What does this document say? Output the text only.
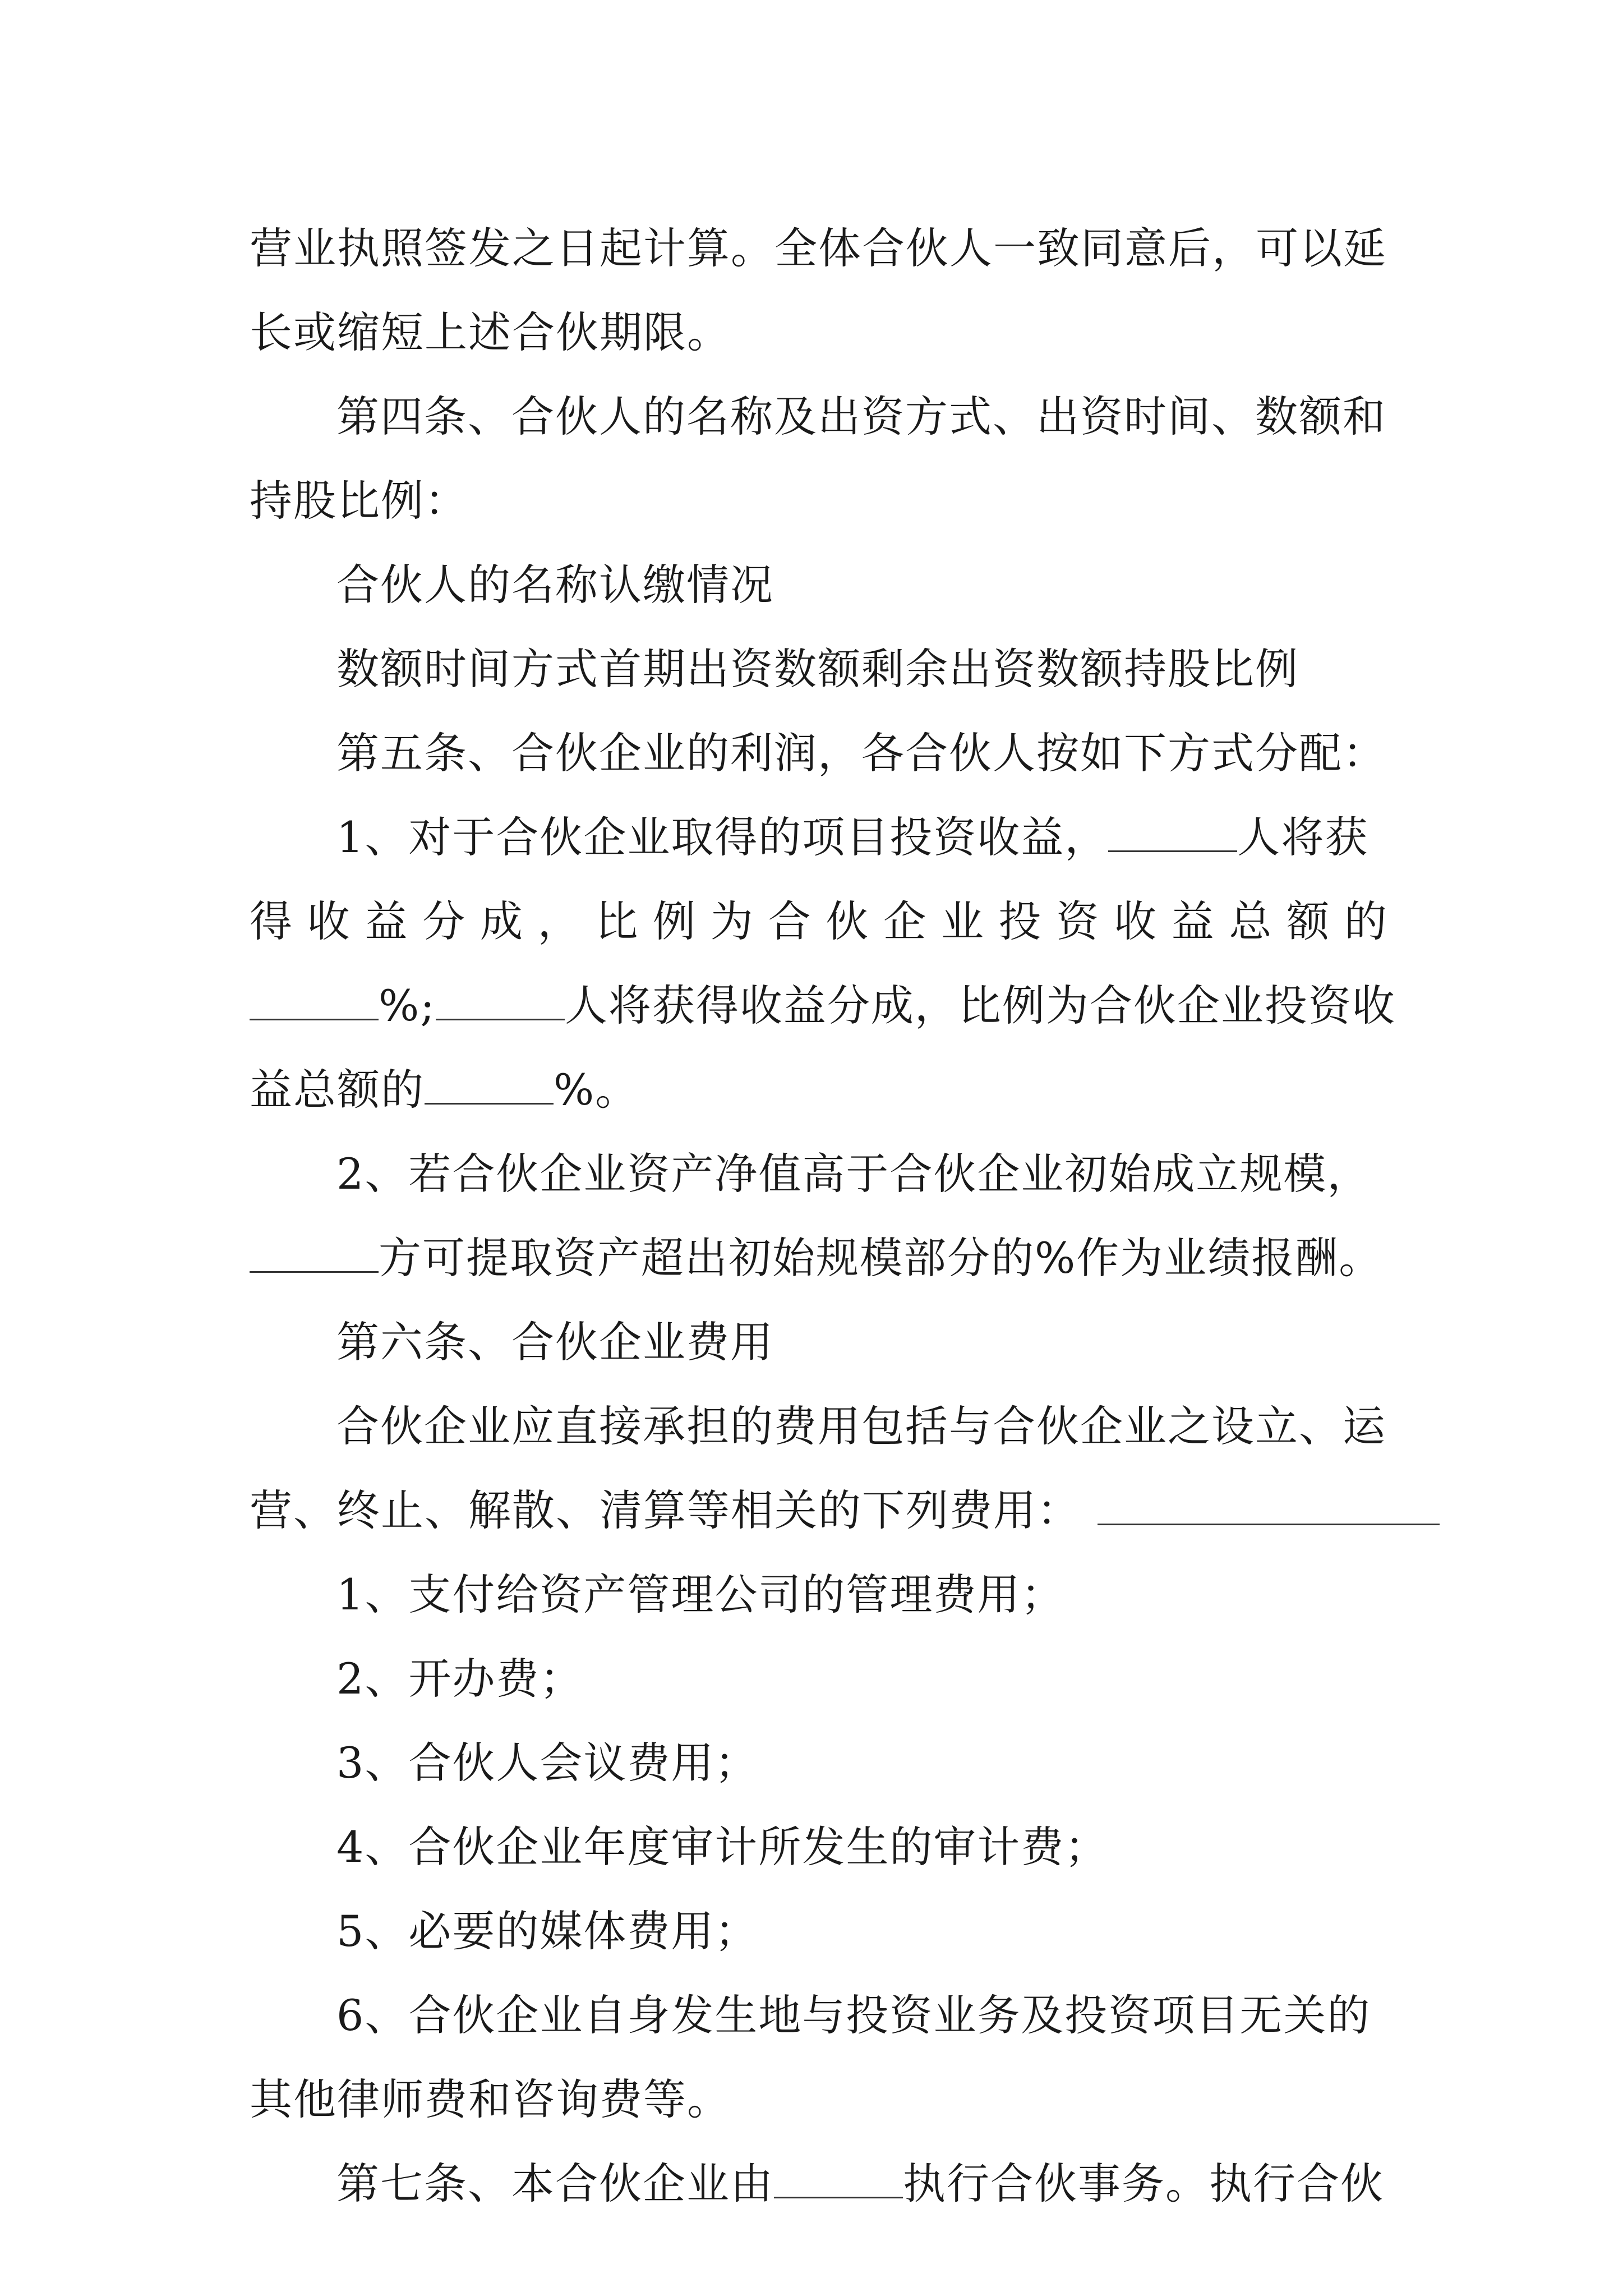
营业执照签发之日起计算。全体合伙人一致同意后，可以延
长或缩短上述合伙期限。
第四条、合伙人的名称及出资方式、出资时间、数额和
持股比例：
合伙人的名称认缴情况
数额时间方式首期出资数额剩余出资数额持股比例
第五条、合伙企业的利润，各合伙人按如下方式分配：
1、对于合伙企业取得的项目投资收益，	人将获
得 收 益 分 成 ， 比 例 为 合 伙 企 业 投 资 收 益 总 额 的
%;	人将获得收益分成，比例为合伙企业投资收
益总额的	%。
2、若合伙企业资产净值高于合伙企业初始成立规模，
方可提取资产超出初始规模部分的%作为业绩报酬。
第六条、合伙企业费用
合伙企业应直接承担的费用包括与合伙企业之设立、运
营、终止、解散、清算等相关的下列费用：
1、支付给资产管理公司的管理费用；
2、开办费；
3、合伙人会议费用；
4、合伙企业年度审计所发生的审计费；
5、必要的媒体费用；
6、合伙企业自身发生地与投资业务及投资项目无关的
其他律师费和咨询费等。
第七条、本合伙企业由	执行合伙事务。执行合伙
